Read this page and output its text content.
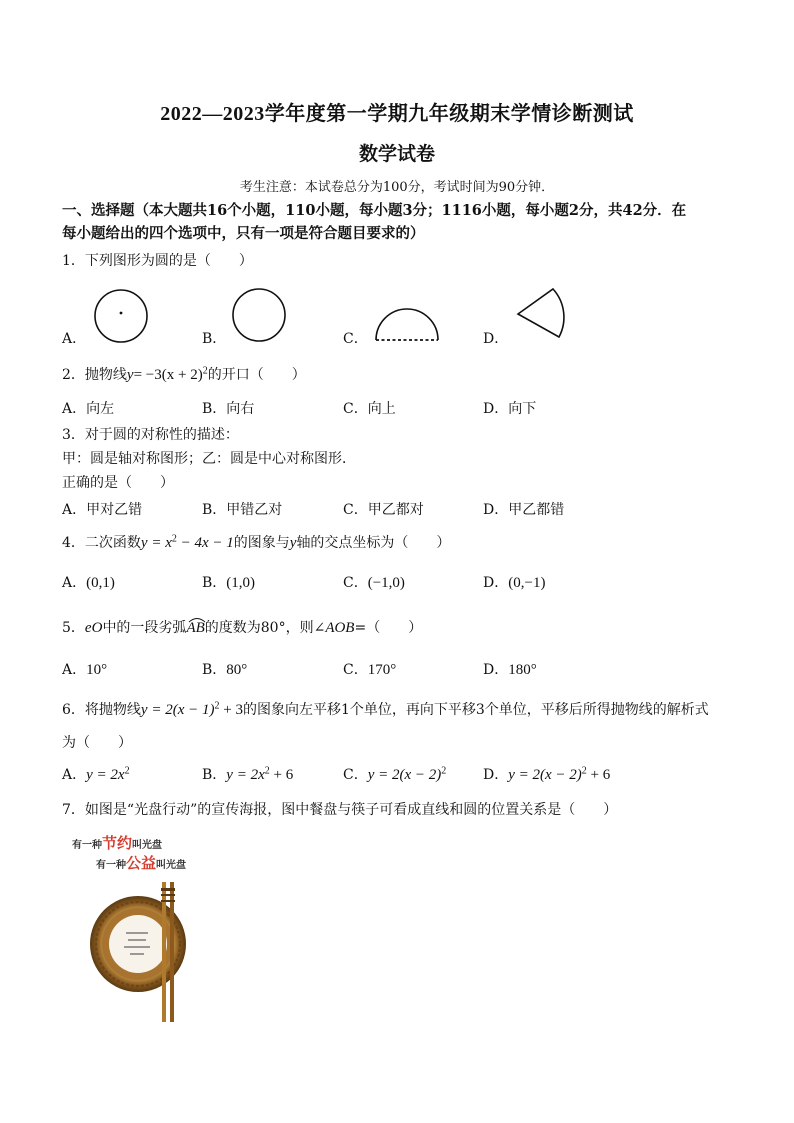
2022—2023学年度第一学期九年级期末学情诊断测试
数学试卷
考生注意：本试卷总分为100分，考试时间为90分钟．
一、选择题（本大题共16个小题，110小题，每小题3分；1116小题，每小题2分，共42分．在
每小题给出的四个选项中，只有一项是符合题目要求的）
1．下列图形为圆的是（　　）
A．	B．	C．	D．
2．抛物线$y= -3(x + 2)^2$的开口（　　）
A．向左	B．向右	C．向上	D．向下
3．对于圆的对称性的描述：
甲：圆是轴对称图形；乙：圆是中心对称图形．
正确的是（　　）
A．甲对乙错	B．甲错乙对	C．甲乙都对	D．甲乙都错
4．二次函数$y = x^2 - 4x - 1$的图象与y轴的交点坐标为（　　）
A．(0,1)	B．(1,0)	C．(−1,0)	D．(0,−1)
5．eO中的一段劣弧AB
的度数为80°，则∠AOB=（　　）
A．10°	B．80°	C．170°	D．180°
6．将抛物线$y = 2(x - 1)^2 + 3$的图象向左平移1个单位，再向下平移3个单位，平移后所得抛物线的解析式
为（　　）
A．$y = 2x^2$	B．$y = 2x^2 + 6$	C．$y = 2(x - 2)^2$	D．$y = 2(x - 2)^2 + 6$
7．如图是“光盘行动”的宣传海报，图中餐盘与筷子可看成直线和圆的位置关系是（　　）
有一种节约叫光盘
有一种公益叫光盘
